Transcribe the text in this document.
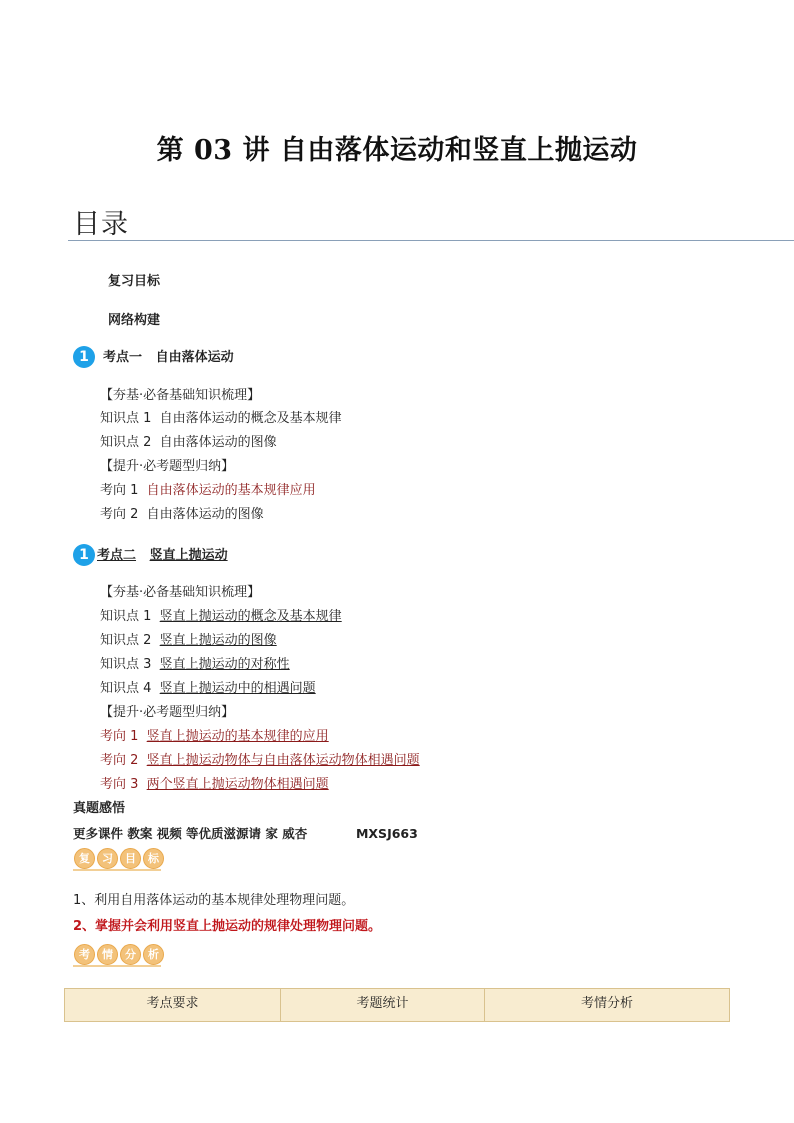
第 03 讲 自由落体运动和竖直上抛运动
目录
复习目标
网络构建
1	考点一 自由落体运动
【夯基·必备基础知识梳理】
知识点 1 自由落体运动的概念及基本规律
知识点 2 自由落体运动的图像
【提升·必考题型归纳】
考向 1 自由落体运动的基本规律应用
考向 2 自由落体运动的图像
1 考点二 竖直上抛运动
【夯基·必备基础知识梳理】
知识点 1 竖直上抛运动的概念及基本规律
知识点 2 竖直上抛运动的图像
知识点 3 竖直上抛运动的对称性
知识点 4 竖直上抛运动中的相遇问题
【提升·必考题型归纳】
考向 1 竖直上抛运动的基本规律的应用
考向 2 竖直上抛运动物体与自由落体运动物体相遇问题
考向 3 两个竖直上抛运动物体相遇问题
真题感悟
更多课件 教案 视频 等优质滋源请 家 威杏	MXSJ663
复	习	目	标
1、利用自用落体运动的基本规律处理物理问题。
2、掌握并会利用竖直上抛运动的规律处理物理问题。
考	情	分	析
考点要求	考题统计	考情分析
